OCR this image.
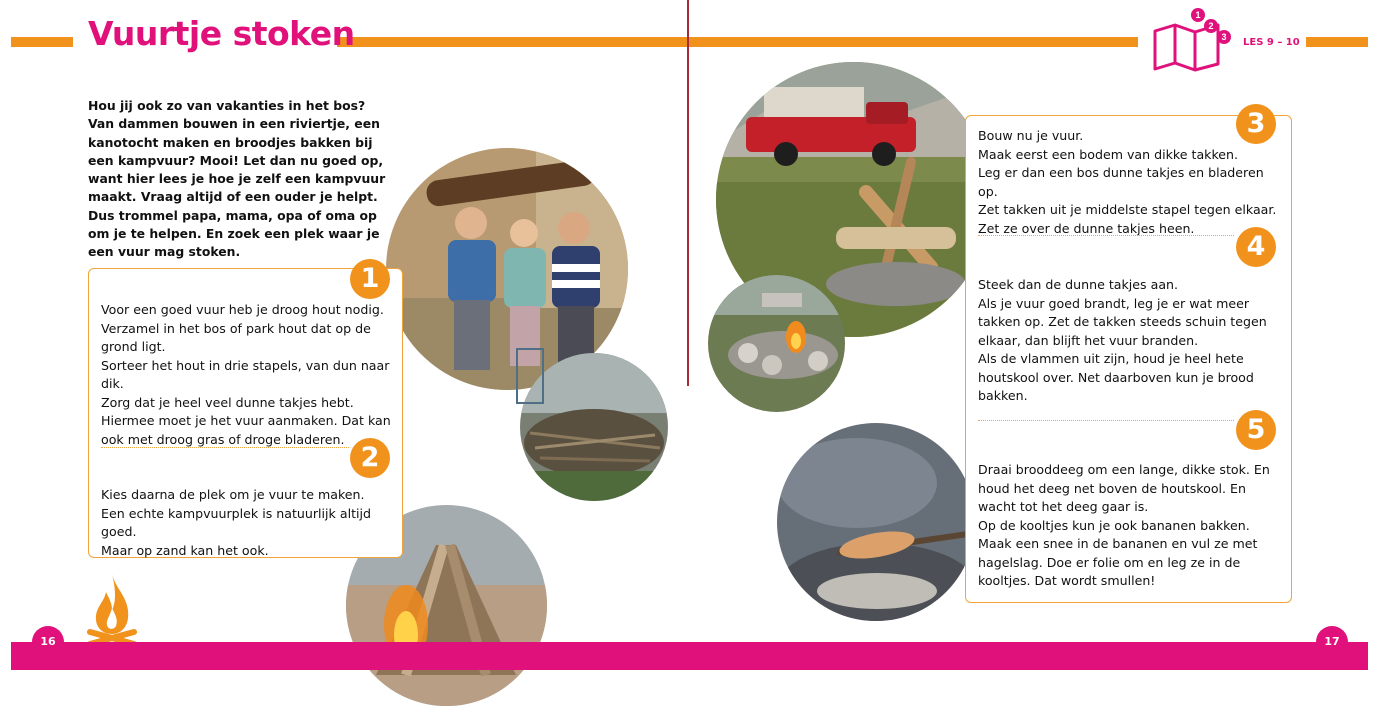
Vuurtje stoken	1
2
3 LES 9 – 10
Hou jij ook zo van vakanties in het bos? Van dammen bouwen in een riviertje, een kanotocht maken en broodjes bakken bij een kampvuur? Mooi! Let dan nu goed op, want hier lees je hoe je zelf een kampvuur maakt. Vraag altijd of een ouder je helpt. Dus trommel papa, mama, opa of oma op om je te helpen. En zoek een plek waar je een vuur mag stoken.
1

Voor een goed vuur heb je droog hout nodig.
Verzamel in het bos of park hout dat op de grond ligt.
Sorteer het hout in drie stapels, van dun naar dik.
Zorg dat je heel veel dunne takjes hebt. Hiermee moet je het vuur aanmaken. Dat kan ook met droog gras of droge bladeren.

2

Kies daarna de plek om je vuur te maken.
Een echte kampvuurplek is natuurlijk altijd goed.
Maar op zand kan het ook.

3

Bouw nu je vuur.
Maak eerst een bodem van dikke takken.
Leg er dan een bos dunne takjes en bladeren op.
Zet takken uit je middelste stapel tegen elkaar.
Zet ze over de dunne takjes heen.

4

Steek dan de dunne takjes aan.
Als je vuur goed brandt, leg je er wat meer takken op. Zet de takken steeds schuin tegen elkaar, dan blijft het vuur branden.
Als de vlammen uit zijn, houd je heel hete houtskool over. Net daarboven kun je brood bakken.

5

Draai brooddeeg om een lange, dikke stok. En houd het deeg net boven de houtskool. En wacht tot het deeg gaar is.
Op de kooltjes kun je ook bananen bakken. Maak een snee in de bananen en vul ze met hagelslag. Doe er folie om en leg ze in de kooltjes. Dat wordt smullen!

16	17
